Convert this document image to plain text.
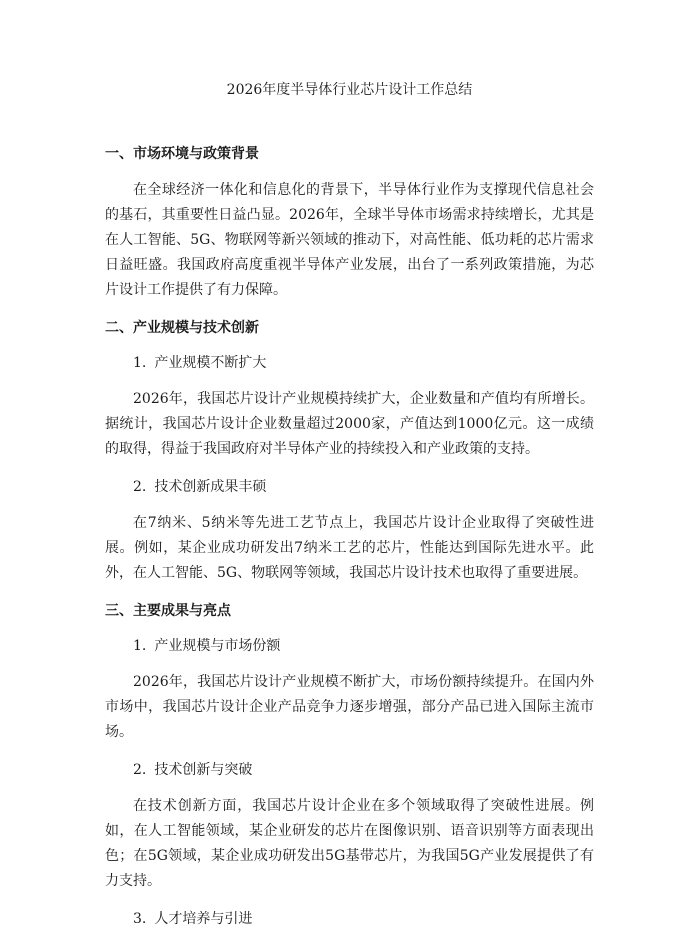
2026年度半导体行业芯片设计工作总结
一、市场环境与政策背景

在全球经济一体化和信息化的背景下，半导体行业作为支撑现代信息社会的基石，其重要性日益凸显。2026年，全球半导体市场需求持续增长，尤其是在人工智能、5G、物联网等新兴领域的推动下，对高性能、低功耗的芯片需求日益旺盛。我国政府高度重视半导体产业发展，出台了一系列政策措施，为芯片设计工作提供了有力保障。

二、产业规模与技术创新
1. 产业规模不断扩大

2026年，我国芯片设计产业规模持续扩大，企业数量和产值均有所增长。据统计，我国芯片设计企业数量超过2000家，产值达到1000亿元。这一成绩的取得，得益于我国政府对半导体产业的持续投入和产业政策的支持。

2. 技术创新成果丰硕

在7纳米、5纳米等先进工艺节点上，我国芯片设计企业取得了突破性进展。例如，某企业成功研发出7纳米工艺的芯片，性能达到国际先进水平。此外，在人工智能、5G、物联网等领域，我国芯片设计技术也取得了重要进展。

三、主要成果与亮点
1. 产业规模与市场份额

2026年，我国芯片设计产业规模不断扩大，市场份额持续提升。在国内外市场中，我国芯片设计企业产品竞争力逐步增强，部分产品已进入国际主流市场。

2. 技术创新与突破

在技术创新方面，我国芯片设计企业在多个领域取得了突破性进展。例如，在人工智能领域，某企业研发的芯片在图像识别、语音识别等方面表现出色；在5G领域，某企业成功研发出5G基带芯片，为我国5G产业发展提供了有力支持。

3. 人才培养与引进
